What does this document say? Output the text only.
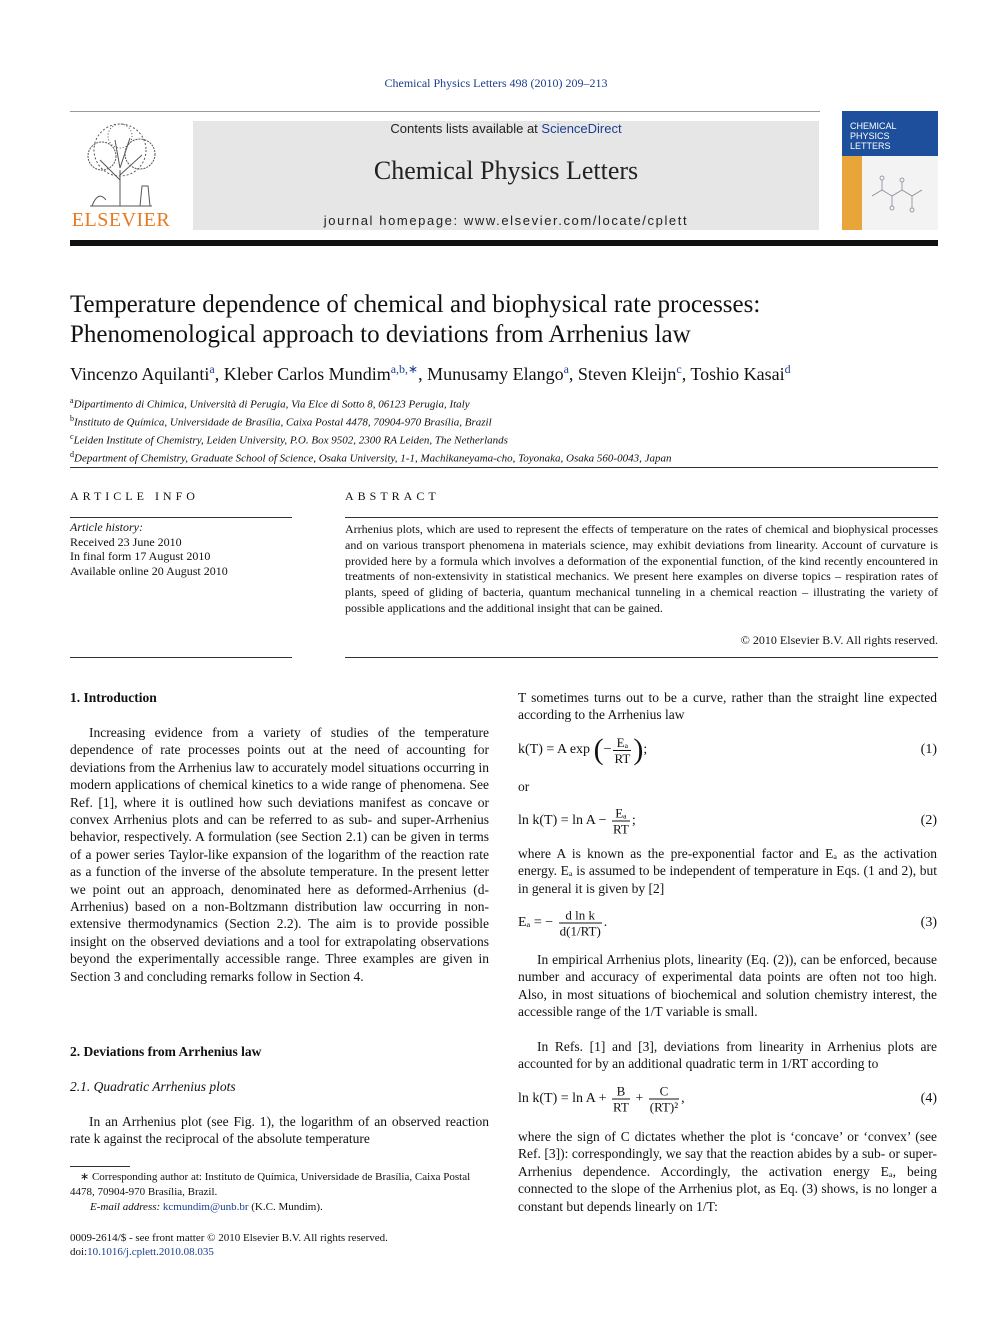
Chemical Physics Letters 498 (2010) 209–213
ELSEVIER
Contents lists available at ScienceDirect
Chemical Physics Letters
journal homepage: www.elsevier.com/locate/cplett
CHEMICAL
PHYSICS
LETTERS
Temperature dependence of chemical and biophysical rate processes:
Phenomenological approach to deviations from Arrhenius law
Vincenzo Aquilanti$^a$, Kleber Carlos Mundim$^{a,b,∗}$, Munusamy Elango$^a$, Steven Kleijn$^c$, Toshio Kasai$^d$
$^a$Dipartimento di Chimica, Università di Perugia, Via Elce di Sotto 8, 06123 Perugia, Italy
$^b$Instituto de Química, Universidade de Brasília, Caixa Postal 4478, 70904-970 Brasília, Brazil
$^c$Leiden Institute of Chemistry, Leiden University, P.O. Box 9502, 2300 RA Leiden, The Netherlands
$^d$Department of Chemistry, Graduate School of Science, Osaka University, 1-1, Machikaneyama-cho, Toyonaka, Osaka 560-0043, Japan
ARTICLE INFO	ABSTRACT
Article history:
Received 23 June 2010
In final form 17 August 2010
Available online 20 August 2010
Arrhenius plots, which are used to represent the effects of temperature on the rates of chemical and biophysical processes and on various transport phenomena in materials science, may exhibit deviations from linearity. Account of curvature is provided here by a formula which involves a deformation of the exponential function, of the kind recently encountered in treatments of non-extensivity in statistical mechanics. We present here examples on diverse topics – respiration rates of plants, speed of gliding of bacteria, quantum mechanical tunneling in a chemical reaction – illustrating the variety of possible applications and the additional insight that can be gained.
© 2010 Elsevier B.V. All rights reserved.
1. Introduction
Increasing evidence from a variety of studies of the temperature dependence of rate processes points out at the need of accounting for deviations from the Arrhenius law to accurately model situations occurring in modern applications of chemical kinetics to a wide range of phenomena. See Ref. [1], where it is outlined how such deviations manifest as concave or convex Arrhenius plots and can be referred to as sub- and super-Arrhenius behavior, respectively. A formulation (see Section 2.1) can be given in terms of a power series Taylor-like expansion of the logarithm of the reaction rate as a function of the inverse of the absolute temperature. In the present letter we point out an approach, denominated here as deformed-Arrhenius (d-Arrhenius) based on a non-Boltzmann distribution law occurring in non-extensive thermodynamics (Section 2.2). The aim is to provide possible insight on the observed deviations and a tool for extrapolating observations beyond the experimentally accessible range. Three examples are given in Section 3 and concluding remarks follow in Section 4.
2. Deviations from Arrhenius law
2.1. Quadratic Arrhenius plots
In an Arrhenius plot (see Fig. 1), the logarithm of an observed reaction rate k against the reciprocal of the absolute temperature
∗ Corresponding author at: Instituto de Química, Universidade de Brasília, Caixa Postal 4478, 70904-970 Brasília, Brazil.
E-mail address: kcmundim@unb.br (K.C. Mundim).
0009-2614/$ - see front matter © 2010 Elsevier B.V. All rights reserved.
doi:10.1016/j.cplett.2010.08.035
T sometimes turns out to be a curve, rather than the straight line expected according to the Arrhenius law
k(T) = A exp (− $\frac{\text{Eₐ}}{RT}$ );	(1)
or
$\ln k(T) = \ln A - \frac{\text{Eₐ}}{RT}$ ;	(2)
where A is known as the pre-exponential factor and Eₐ as the activation energy. Eₐ is assumed to be independent of temperature in Eqs. (1 and 2), but in general it is given by [2]
Eₐ = − $\frac{\text{d ln k}}{d(1/RT)}$ .	(3)
In empirical Arrhenius plots, linearity (Eq. (2)), can be enforced, because number and accuracy of experimental data points are often not too high. Also, in most situations of biochemical and solution chemistry interest, the accessible range of the 1/T variable is small.
In Refs. [1] and [3], deviations from linearity in Arrhenius plots are accounted for by an additional quadratic term in 1/RT according to
$\ln k(T) = \ln A + \frac{B}{RT} + \frac{C}{\text{(RT)²}}$ ,	(4)
where the sign of C dictates whether the plot is ‘concave’ or ‘convex’ (see Ref. [3]): correspondingly, we say that the reaction abides by a sub- or super-Arrhenius dependence. Accordingly, the activation energy Eₐ, being connected to the slope of the Arrhenius plot, as Eq. (3) shows, is no longer a constant but depends linearly on 1/T:
